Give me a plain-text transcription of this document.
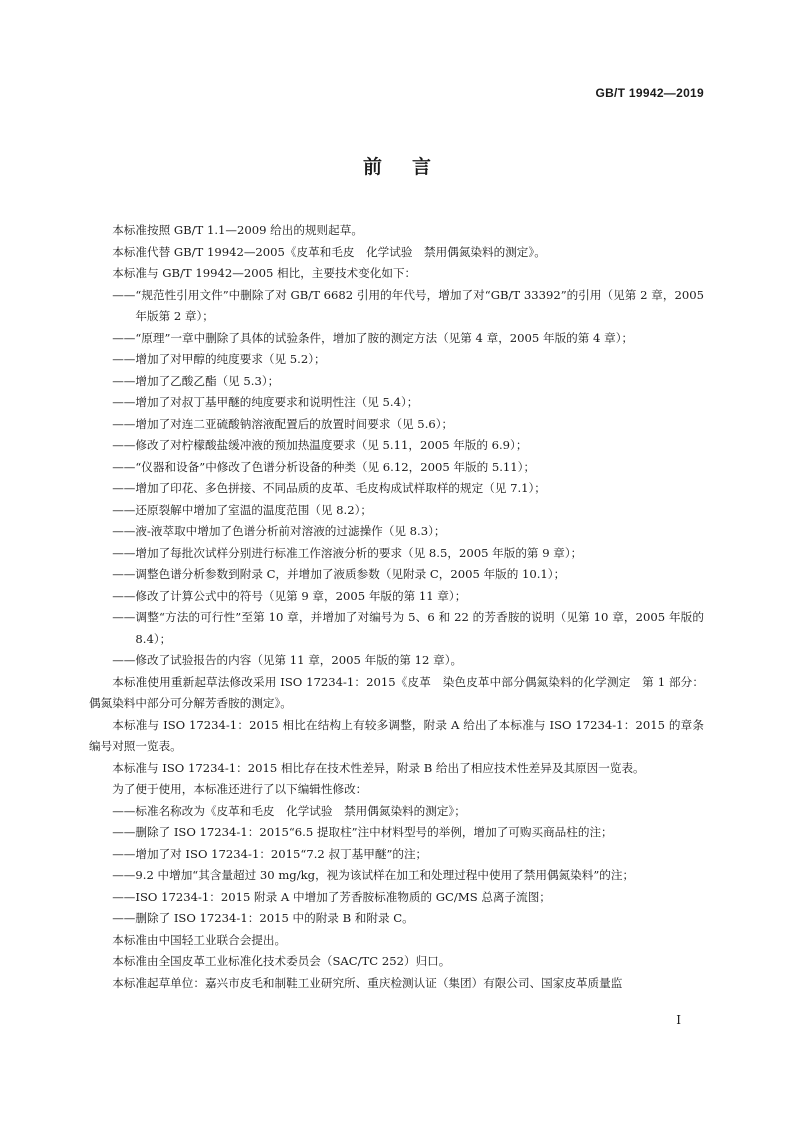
GB/T 19942—2019
前言

本标准按照 GB/T 1.1—2009 给出的规则起草。

本标准代替 GB/T 19942—2005《皮革和毛皮　化学试验　禁用偶氮染料的测定》。

本标准与 GB/T 19942—2005 相比，主要技术变化如下：

——“规范性引用文件”中删除了对 GB/T 6682 引用的年代号，增加了对“GB/T 33392”的引用（见第 2 章，2005 年版第 2 章）；

——“原理”一章中删除了具体的试验条件，增加了胺的测定方法（见第 4 章，2005 年版的第 4 章）；

——增加了对甲醇的纯度要求（见 5.2）；

——增加了乙酸乙酯（见 5.3）；

——增加了对叔丁基甲醚的纯度要求和说明性注（见 5.4）；

——增加了对连二亚硫酸钠溶液配置后的放置时间要求（见 5.6）；

——修改了对柠檬酸盐缓冲液的预加热温度要求（见 5.11，2005 年版的 6.9）；

——“仪器和设备”中修改了色谱分析设备的种类（见 6.12，2005 年版的 5.11）；

——增加了印花、多色拼接、不同品质的皮革、毛皮构成试样取样的规定（见 7.1）；

——还原裂解中增加了室温的温度范围（见 8.2）；

——液-液萃取中增加了色谱分析前对溶液的过滤操作（见 8.3）；

——增加了每批次试样分别进行标准工作溶液分析的要求（见 8.5，2005 年版的第 9 章）；

——调整色谱分析参数到附录 C，并增加了液质参数（见附录 C，2005 年版的 10.1）；

——修改了计算公式中的符号（见第 9 章，2005 年版的第 11 章）；

——调整“方法的可行性”至第 10 章，并增加了对编号为 5、6 和 22 的芳香胺的说明（见第 10 章，2005 年版的 8.4）；

——修改了试验报告的内容（见第 11 章，2005 年版的第 12 章）。

本标准使用重新起草法修改采用 ISO 17234-1：2015《皮革　染色皮革中部分偶氮染料的化学测定　第 1 部分：偶氮染料中部分可分解芳香胺的测定》。

本标准与 ISO 17234-1：2015 相比在结构上有较多调整，附录 A 给出了本标准与 ISO 17234-1：2015 的章条编号对照一览表。

本标准与 ISO 17234-1：2015 相比存在技术性差异，附录 B 给出了相应技术性差异及其原因一览表。

为了便于使用，本标准还进行了以下编辑性修改：

——标准名称改为《皮革和毛皮　化学试验　禁用偶氮染料的测定》；

——删除了 ISO 17234-1：2015“6.5 提取柱”注中材料型号的举例，增加了可购买商品柱的注；

——增加了对 ISO 17234-1：2015“7.2 叔丁基甲醚”的注；

——9.2 中增加“其含量超过 30 mg/kg，视为该试样在加工和处理过程中使用了禁用偶氮染料”的注；

——ISO 17234-1：2015 附录 A 中增加了芳香胺标准物质的 GC/MS 总离子流图；

——删除了 ISO 17234-1：2015 中的附录 B 和附录 C。

本标准由中国轻工业联合会提出。

本标准由全国皮革工业标准化技术委员会（SAC/TC 252）归口。

本标准起草单位：嘉兴市皮毛和制鞋工业研究所、重庆检测认证（集团）有限公司、国家皮革质量监

I
